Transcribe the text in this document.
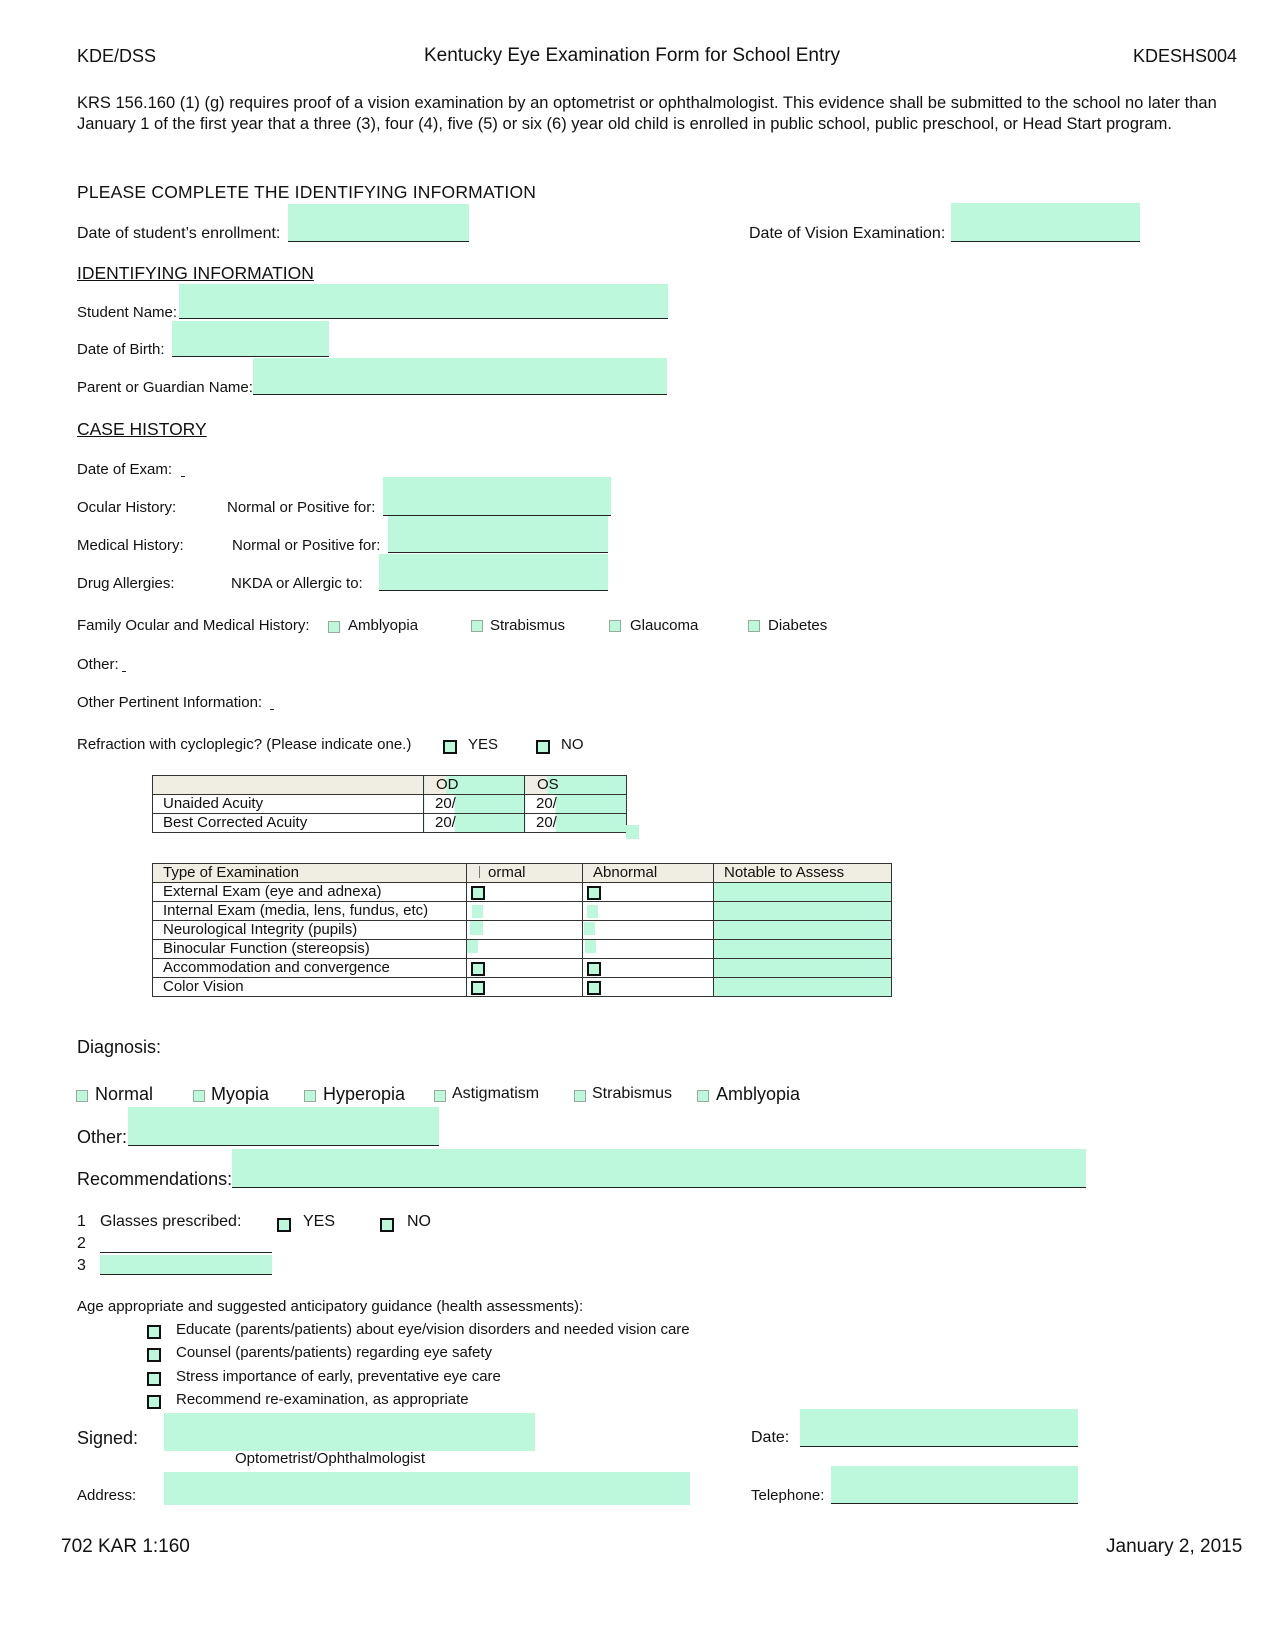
KDE/DSS	Kentucky Eye Examination Form for School Entry	KDESHS004
KRS 156.160 (1) (g) requires proof of a vision examination by an optometrist or ophthalmologist. This evidence shall be submitted to the school no later than January 1 of the first year that a three (3), four (4), five (5) or six (6) year old child is enrolled in public school, public preschool, or Head Start program.
PLEASE COMPLETE THE IDENTIFYING INFORMATION
Date of student’s enrollment:	Date of Vision Examination:
IDENTIFYING INFORMATION
Student Name:
Date of Birth:
Parent or Guardian Name:
CASE HISTORY
Date of Exam:
Ocular History:	Normal or Positive for:
Medical History:	Normal or Positive for:
Drug Allergies:	NKDA or Allergic to:
Family Ocular and Medical History:	Amblyopia	Strabismus	Glaucoma	Diabetes
Other:
Other Pertinent Information:
Refraction with cycloplegic? (Please indicate one.)	YES	NO
	OD	OS
Unaided Acuity	20/	20/
Best Corrected Acuity	20/	20/
Type of Examination	ormal	Abnormal	Notable to Assess
External Exam (eye and adnexa)	

Internal Exam (media, lens, fundus, etc)	

Neurological Integrity (pupils)	

Binocular Function (stereopsis)	

Accommodation and convergence	

Color Vision	

Diagnosis:
Normal	Myopia	Hyperopia	Astigmatism	Strabismus Amblyopia
Other:
Recommendations:
1 Glasses prescribed:	YES	NO
2
3
Age appropriate and suggested anticipatory guidance (health assessments):
Educate (parents/patients) about eye/vision disorders and needed vision care
Counsel (parents/patients) regarding eye safety
Stress importance of early, preventative eye care
Recommend re-examination, as appropriate
Signed:
Optometrist/Ophthalmologist
Date:
Address:	Telephone:
702 KAR 1:160	January 2, 2015
